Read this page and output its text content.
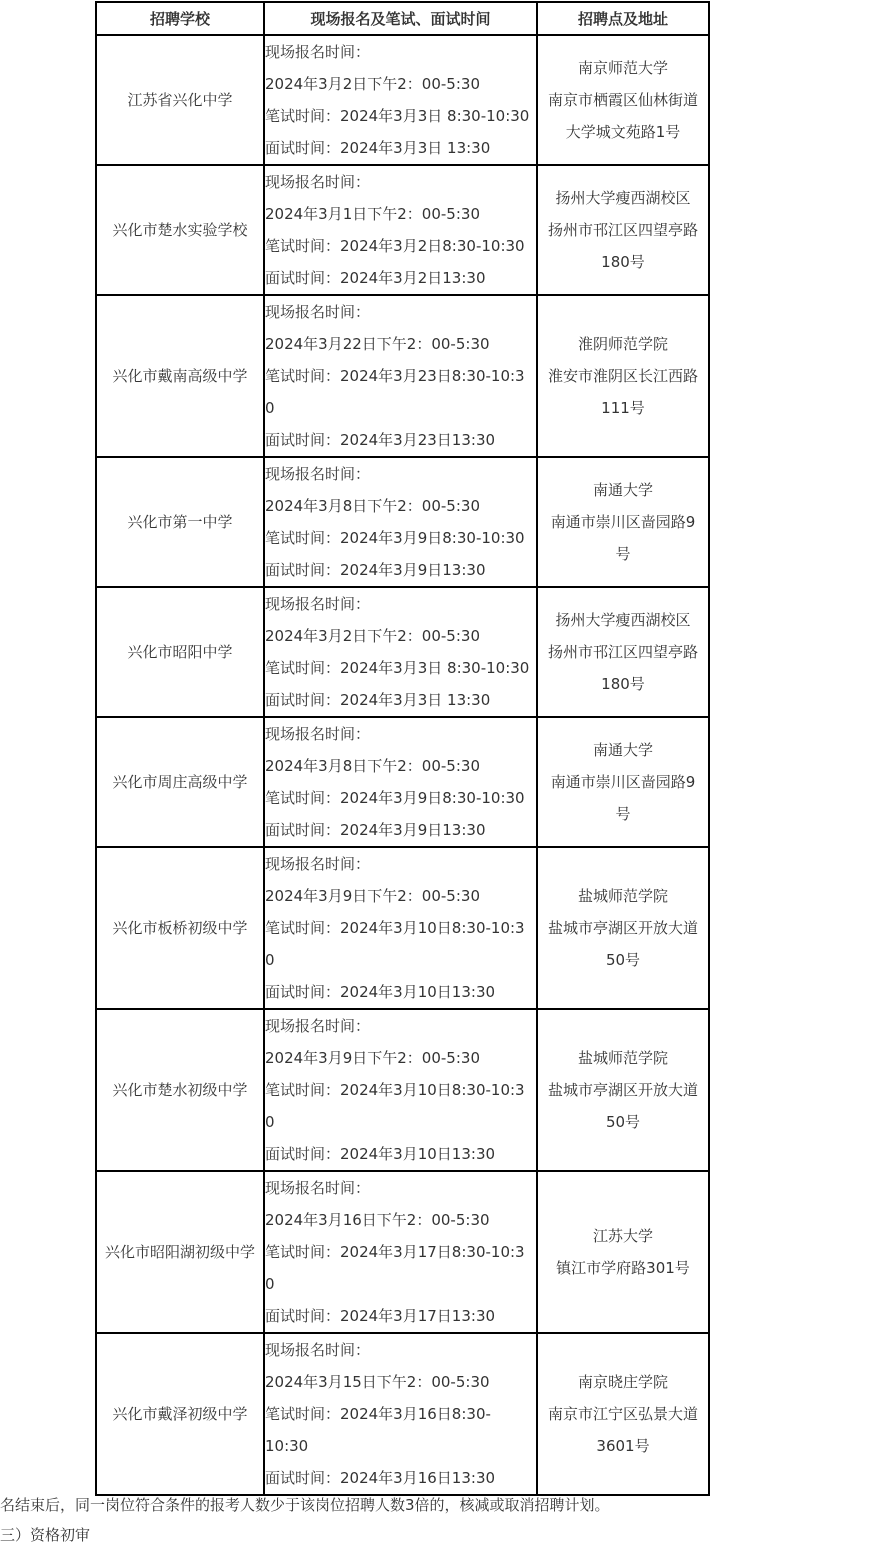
招聘学校	现场报名及笔试、面试时间	招聘点及地址
江苏省兴化中学	现场报名时间：
2024年3月2日下午2：00-5:30
笔试时间：2024年3月3日 8:30-10:30
面试时间：2024年3月3日 13:30	南京师范大学
南京市栖霞区仙林街道
大学城文苑路1号

兴化市楚水实验学校	现场报名时间：
2024年3月1日下午2：00-5:30
笔试时间：2024年3月2日8:30-10:30
面试时间：2024年3月2日13:30	扬州大学瘦西湖校区
扬州市邗江区四望亭路
180号

兴化市戴南高级中学	现场报名时间：
2024年3月22日下午2：00-5:30
笔试时间：2024年3月23日8:30-10:3
0
面试时间：2024年3月23日13:30	淮阴师范学院
淮安市淮阴区长江西路
111号

兴化市第一中学	现场报名时间：
2024年3月8日下午2：00-5:30
笔试时间：2024年3月9日8:30-10:30
面试时间：2024年3月9日13:30	南通大学
南通市崇川区啬园路9
号

兴化市昭阳中学	现场报名时间：
2024年3月2日下午2：00-5:30
笔试时间：2024年3月3日 8:30-10:30
面试时间：2024年3月3日 13:30	扬州大学瘦西湖校区
扬州市邗江区四望亭路
180号

兴化市周庄高级中学	现场报名时间：
2024年3月8日下午2：00-5:30
笔试时间：2024年3月9日8:30-10:30
面试时间：2024年3月9日13:30	南通大学
南通市崇川区啬园路9
号

兴化市板桥初级中学	现场报名时间：
2024年3月9日下午2：00-5:30
笔试时间：2024年3月10日8:30-10:3
0
面试时间：2024年3月10日13:30	盐城师范学院
盐城市亭湖区开放大道
50号

兴化市楚水初级中学	现场报名时间：
2024年3月9日下午2：00-5:30
笔试时间：2024年3月10日8:30-10:3
0
面试时间：2024年3月10日13:30	盐城师范学院
盐城市亭湖区开放大道
50号

兴化市昭阳湖初级中学	现场报名时间：
2024年3月16日下午2：00-5:30
笔试时间：2024年3月17日8:30-10:3
0
面试时间：2024年3月17日13:30	江苏大学
镇江市学府路301号

兴化市戴泽初级中学	现场报名时间：
2024年3月15日下午2：00-5:30
笔试时间：2024年3月16日8:30-
10:30
面试时间：2024年3月16日13:30	南京晓庄学院
南京市江宁区弘景大道
3601号
名结束后，同一岗位符合条件的报考人数少于该岗位招聘人数3倍的，核减或取消招聘计划。
三）资格初审
